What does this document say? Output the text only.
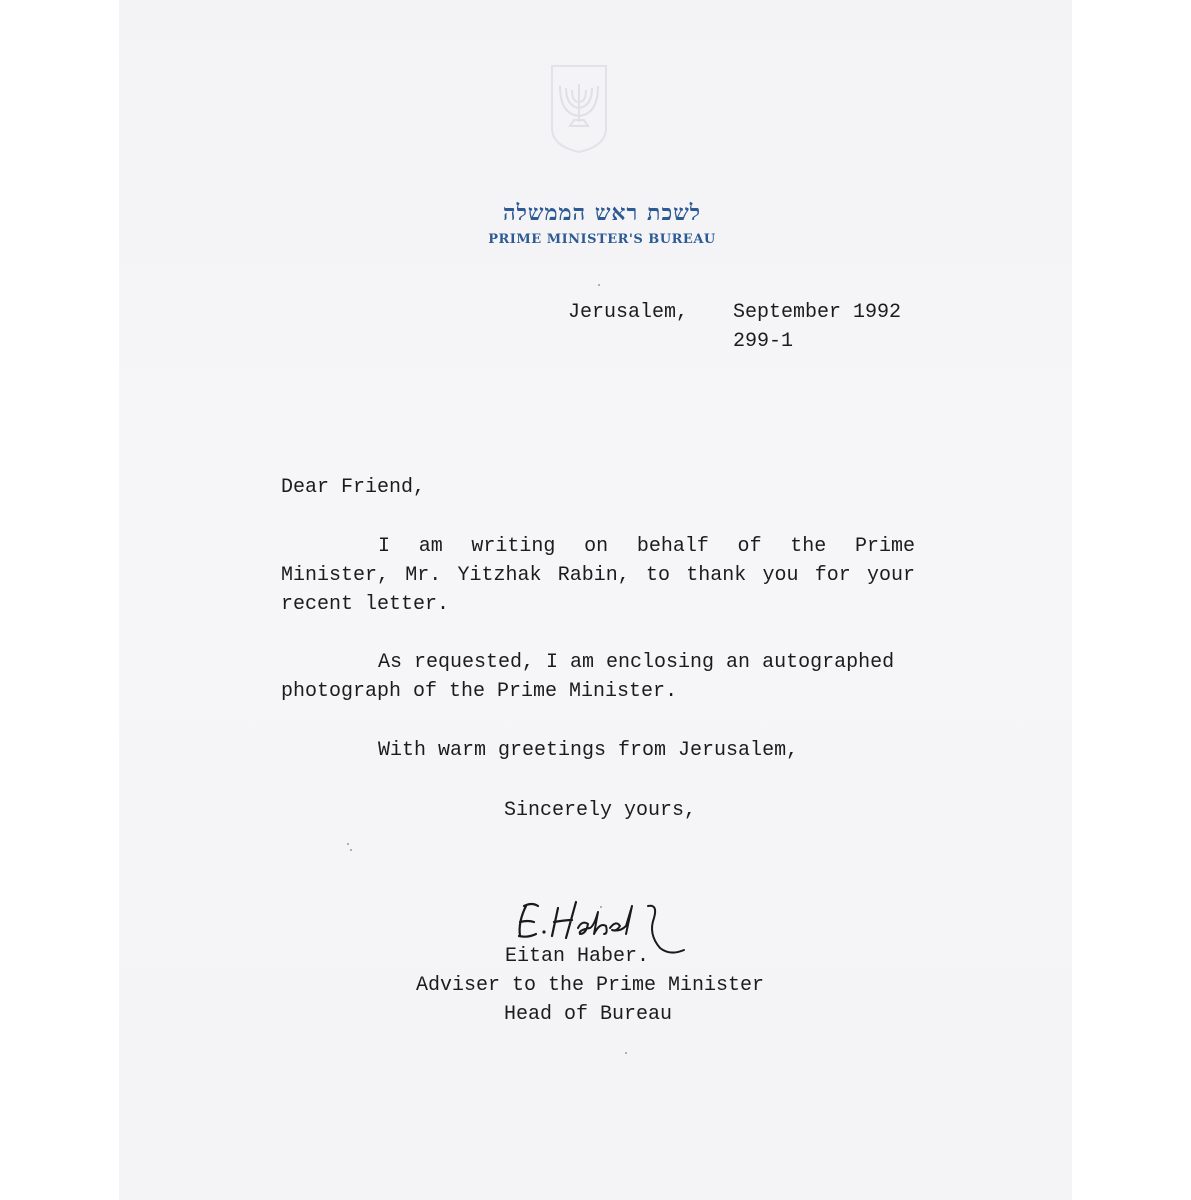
לשכת ראש הממשלה
PRIME MINISTER'S BUREAU
Jerusalem, September 1992
299-1
Dear Friend,
I am writing on behalf of the Prime
Minister, Mr. Yitzhak Rabin, to thank you for your
recent letter.
As requested, I am enclosing an autographed
photograph of the Prime Minister.
With warm greetings from Jerusalem,
Sincerely yours,
Eitan Haber.
Adviser to the Prime Minister
Head of Bureau
